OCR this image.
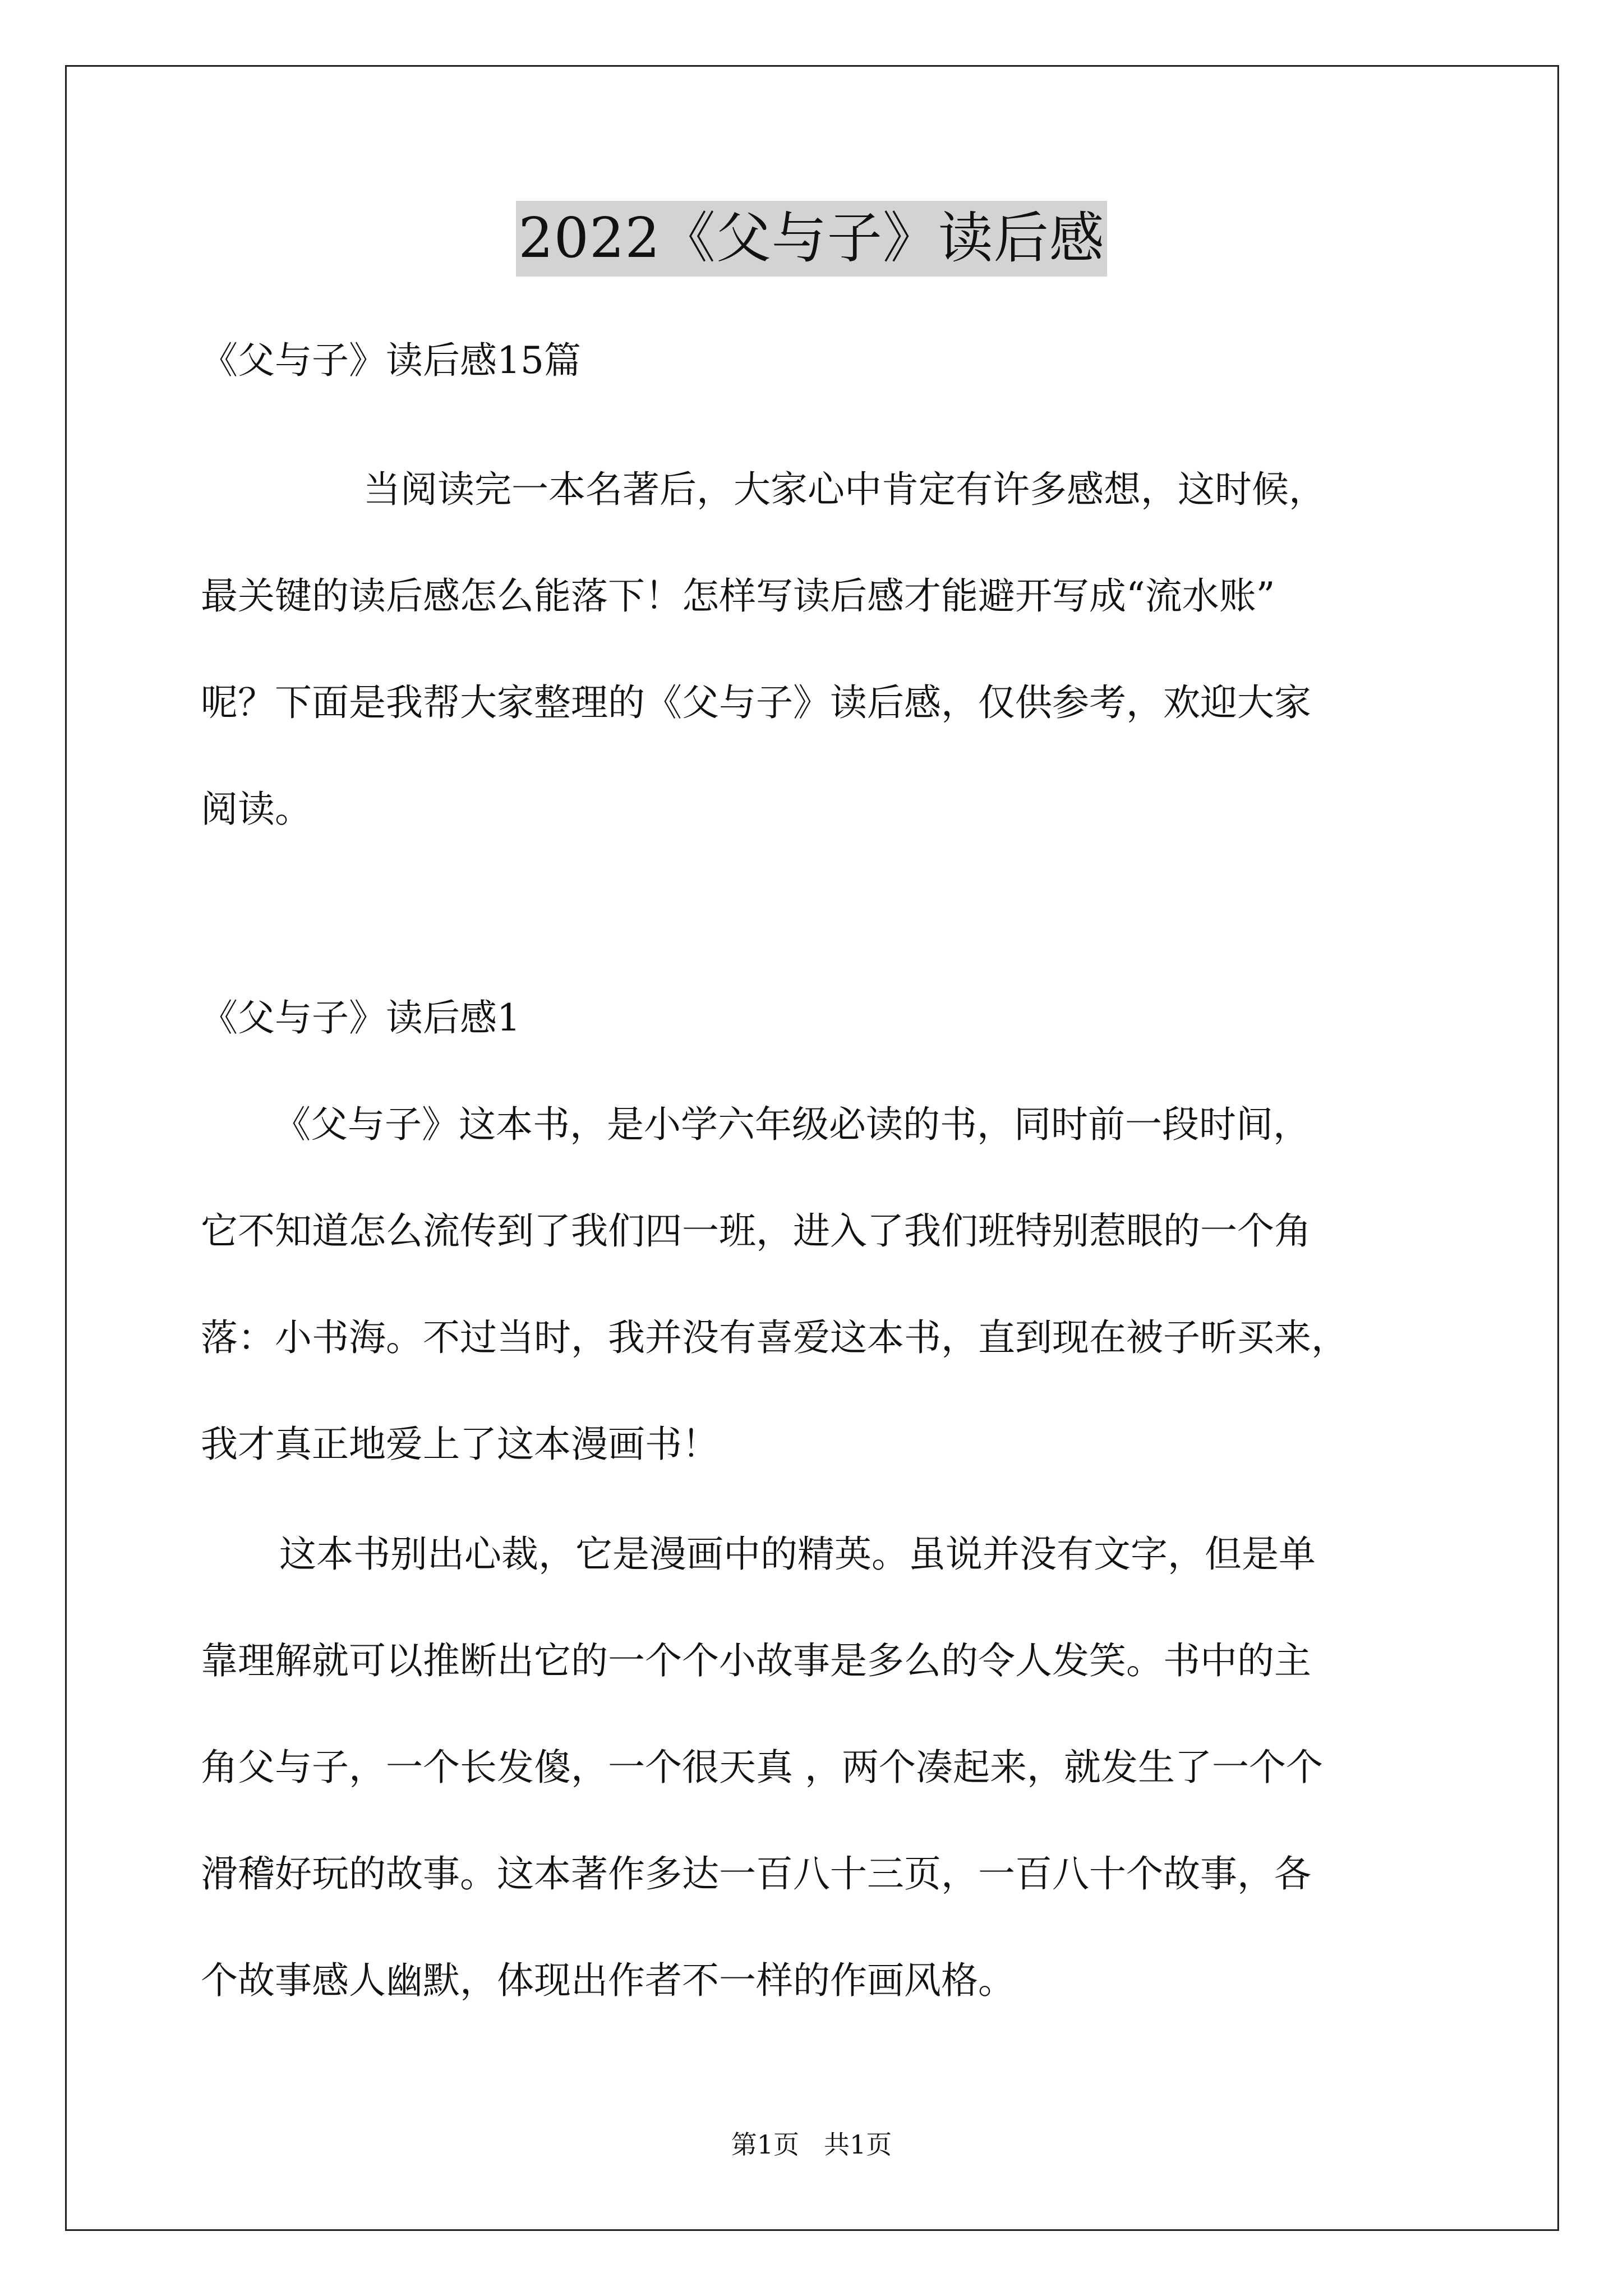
2022《父与子》读后感
《父与子》读后感15篇

当阅读完一本名著后，大家心中肯定有许多感想，这时候，
最关键的读后感怎么能落下！怎样写读后感才能避开写成“流水账”
呢？下面是我帮大家整理的《父与子》读后感，仅供参考，欢迎大家
阅读。

《父与子》读后感1

《父与子》这本书，是小学六年级必读的书，同时前一段时间，
它不知道怎么流传到了我们四一班，进入了我们班特别惹眼的一个角
落：小书海。不过当时，我并没有喜爱这本书，直到现在被子昕买来，
我才真正地爱上了这本漫画书！

这本书别出心裁，它是漫画中的精英。虽说并没有文字，但是单
靠理解就可以推断出它的一个个小故事是多么的令人发笑。书中的主
角父与子，一个长发傻，一个很天真 ，两个凑起来，就发生了一个个
滑稽好玩的故事。这本著作多达一百八十三页，一百八十个故事，各
个故事感人幽默，体现出作者不一样的作画风格。

第1页 共1页
